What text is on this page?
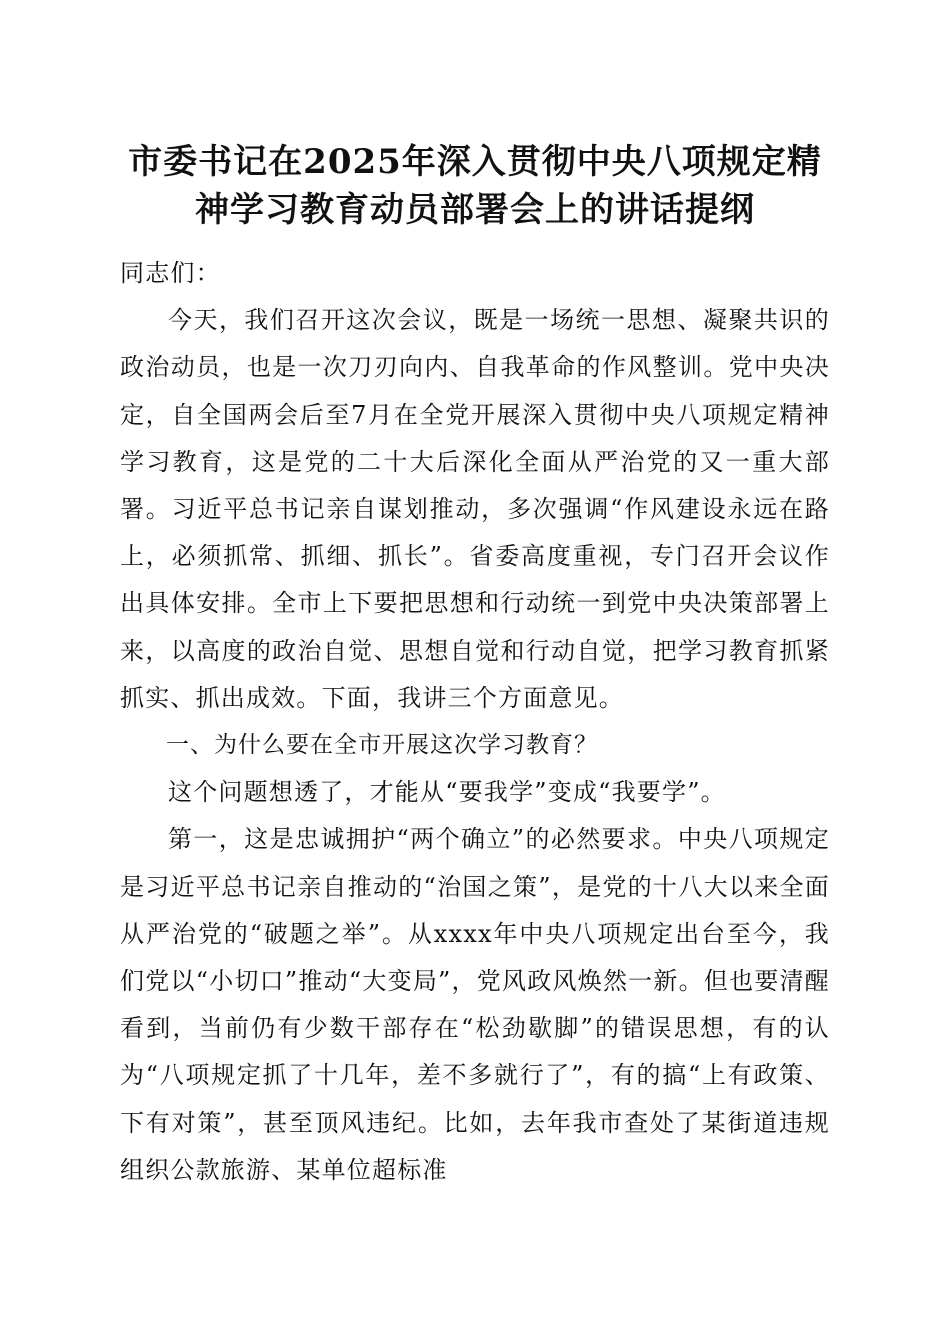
市委书记在2025年深入贯彻中央八项规定精
神学习教育动员部署会上的讲话提纲

同志们：

今天，我们召开这次会议，既是一场统一思想、凝聚共识的政治动员，也是一次刀刃向内、自我革命的作风整训。党中央决定，自全国两会后至7月在全党开展深入贯彻中央八项规定精神学习教育，这是党的二十大后深化全面从严治党的又一重大部署。习近平总书记亲自谋划推动，多次强调“作风建设永远在路上，必须抓常、抓细、抓长”。省委高度重视，专门召开会议作出具体安排。全市上下要把思想和行动统一到党中央决策部署上来，以高度的政治自觉、思想自觉和行动自觉，把学习教育抓紧抓实、抓出成效。下面，我讲三个方面意见。

一、为什么要在全市开展这次学习教育？

这个问题想透了，才能从“要我学”变成“我要学”。

第一，这是忠诚拥护“两个确立”的必然要求。中央八项规定是习近平总书记亲自推动的“治国之策”，是党的十八大以来全面从严治党的“破题之举”。从xxxx年中央八项规定出台至今，我们党以“小切口”推动“大变局”，党风政风焕然一新。但也要清醒看到，当前仍有少数干部存在“松劲歇脚”的错误思想，有的认为“八项规定抓了十几年，差不多就行了”，有的搞“上有政策、下有对策”，甚至顶风违纪。比如，去年我市查处了某街道违规组织公款旅游、某单位超标准
